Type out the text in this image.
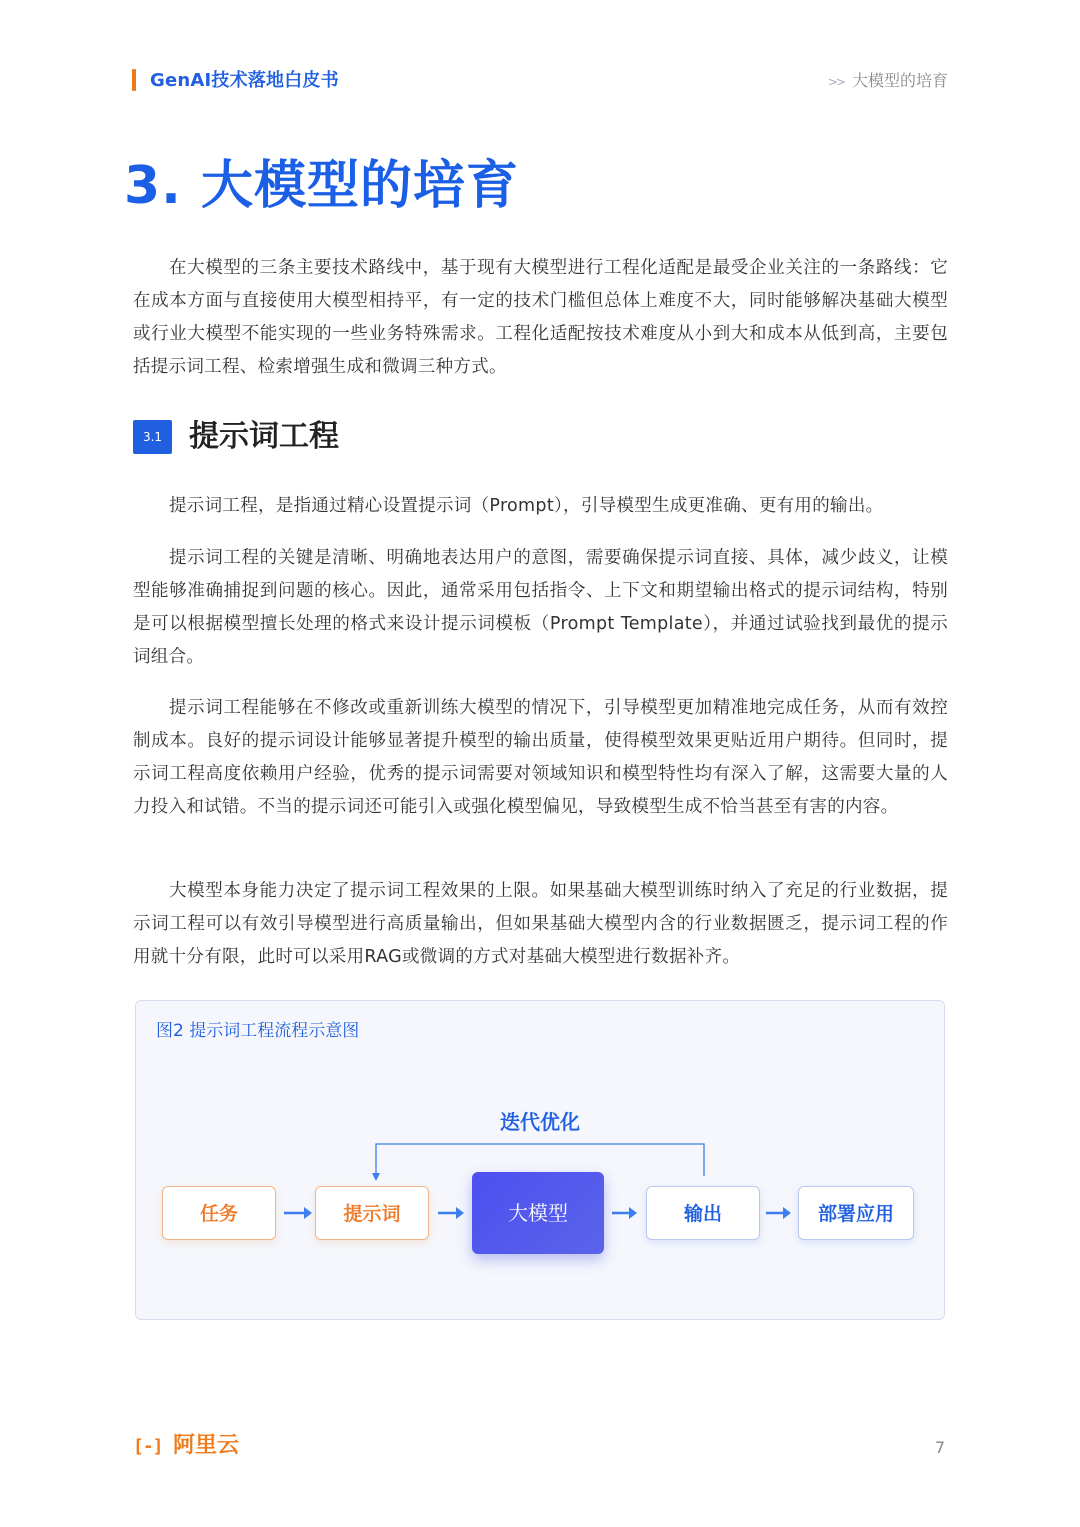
GenAI技术落地白皮书	>> 大模型的培育
3. 大模型的培育

在大模型的三条主要技术路线中，基于现有大模型进行工程化适配是最受企业关注的一条路线：它在成本方面与直接使用大模型相持平，有一定的技术门槛但总体上难度不大，同时能够解决基础大模型或行业大模型不能实现的一些业务特殊需求。工程化适配按技术难度从小到大和成本从低到高，主要包括提示词工程、检索增强生成和微调三种方式。

3.1 提示词工程

提示词工程，是指通过精心设置提示词（Prompt），引导模型生成更准确、更有用的输出。

提示词工程的关键是清晰、明确地表达用户的意图，需要确保提示词直接、具体，减少歧义，让模型能够准确捕捉到问题的核心。因此，通常采用包括指令、上下文和期望输出格式的提示词结构，特别是可以根据模型擅长处理的格式来设计提示词模板（Prompt Template），并通过试验找到最优的提示词组合。

提示词工程能够在不修改或重新训练大模型的情况下，引导模型更加精准地完成任务，从而有效控制成本。良好的提示词设计能够显著提升模型的输出质量，使得模型效果更贴近用户期待。但同时，提示词工程高度依赖用户经验，优秀的提示词需要对领域知识和模型特性均有深入了解，这需要大量的人力投入和试错。不当的提示词还可能引入或强化模型偏见，导致模型生成不恰当甚至有害的内容。

大模型本身能力决定了提示词工程效果的上限。如果基础大模型训练时纳入了充足的行业数据，提示词工程可以有效引导模型进行高质量输出，但如果基础大模型内含的行业数据匮乏，提示词工程的作用就十分有限，此时可以采用RAG或微调的方式对基础大模型进行数据补齐。

图2 提示词工程流程示意图
任务	提示词	大模型	输出	部署应用
迭代优化
[-] 阿里云	7
